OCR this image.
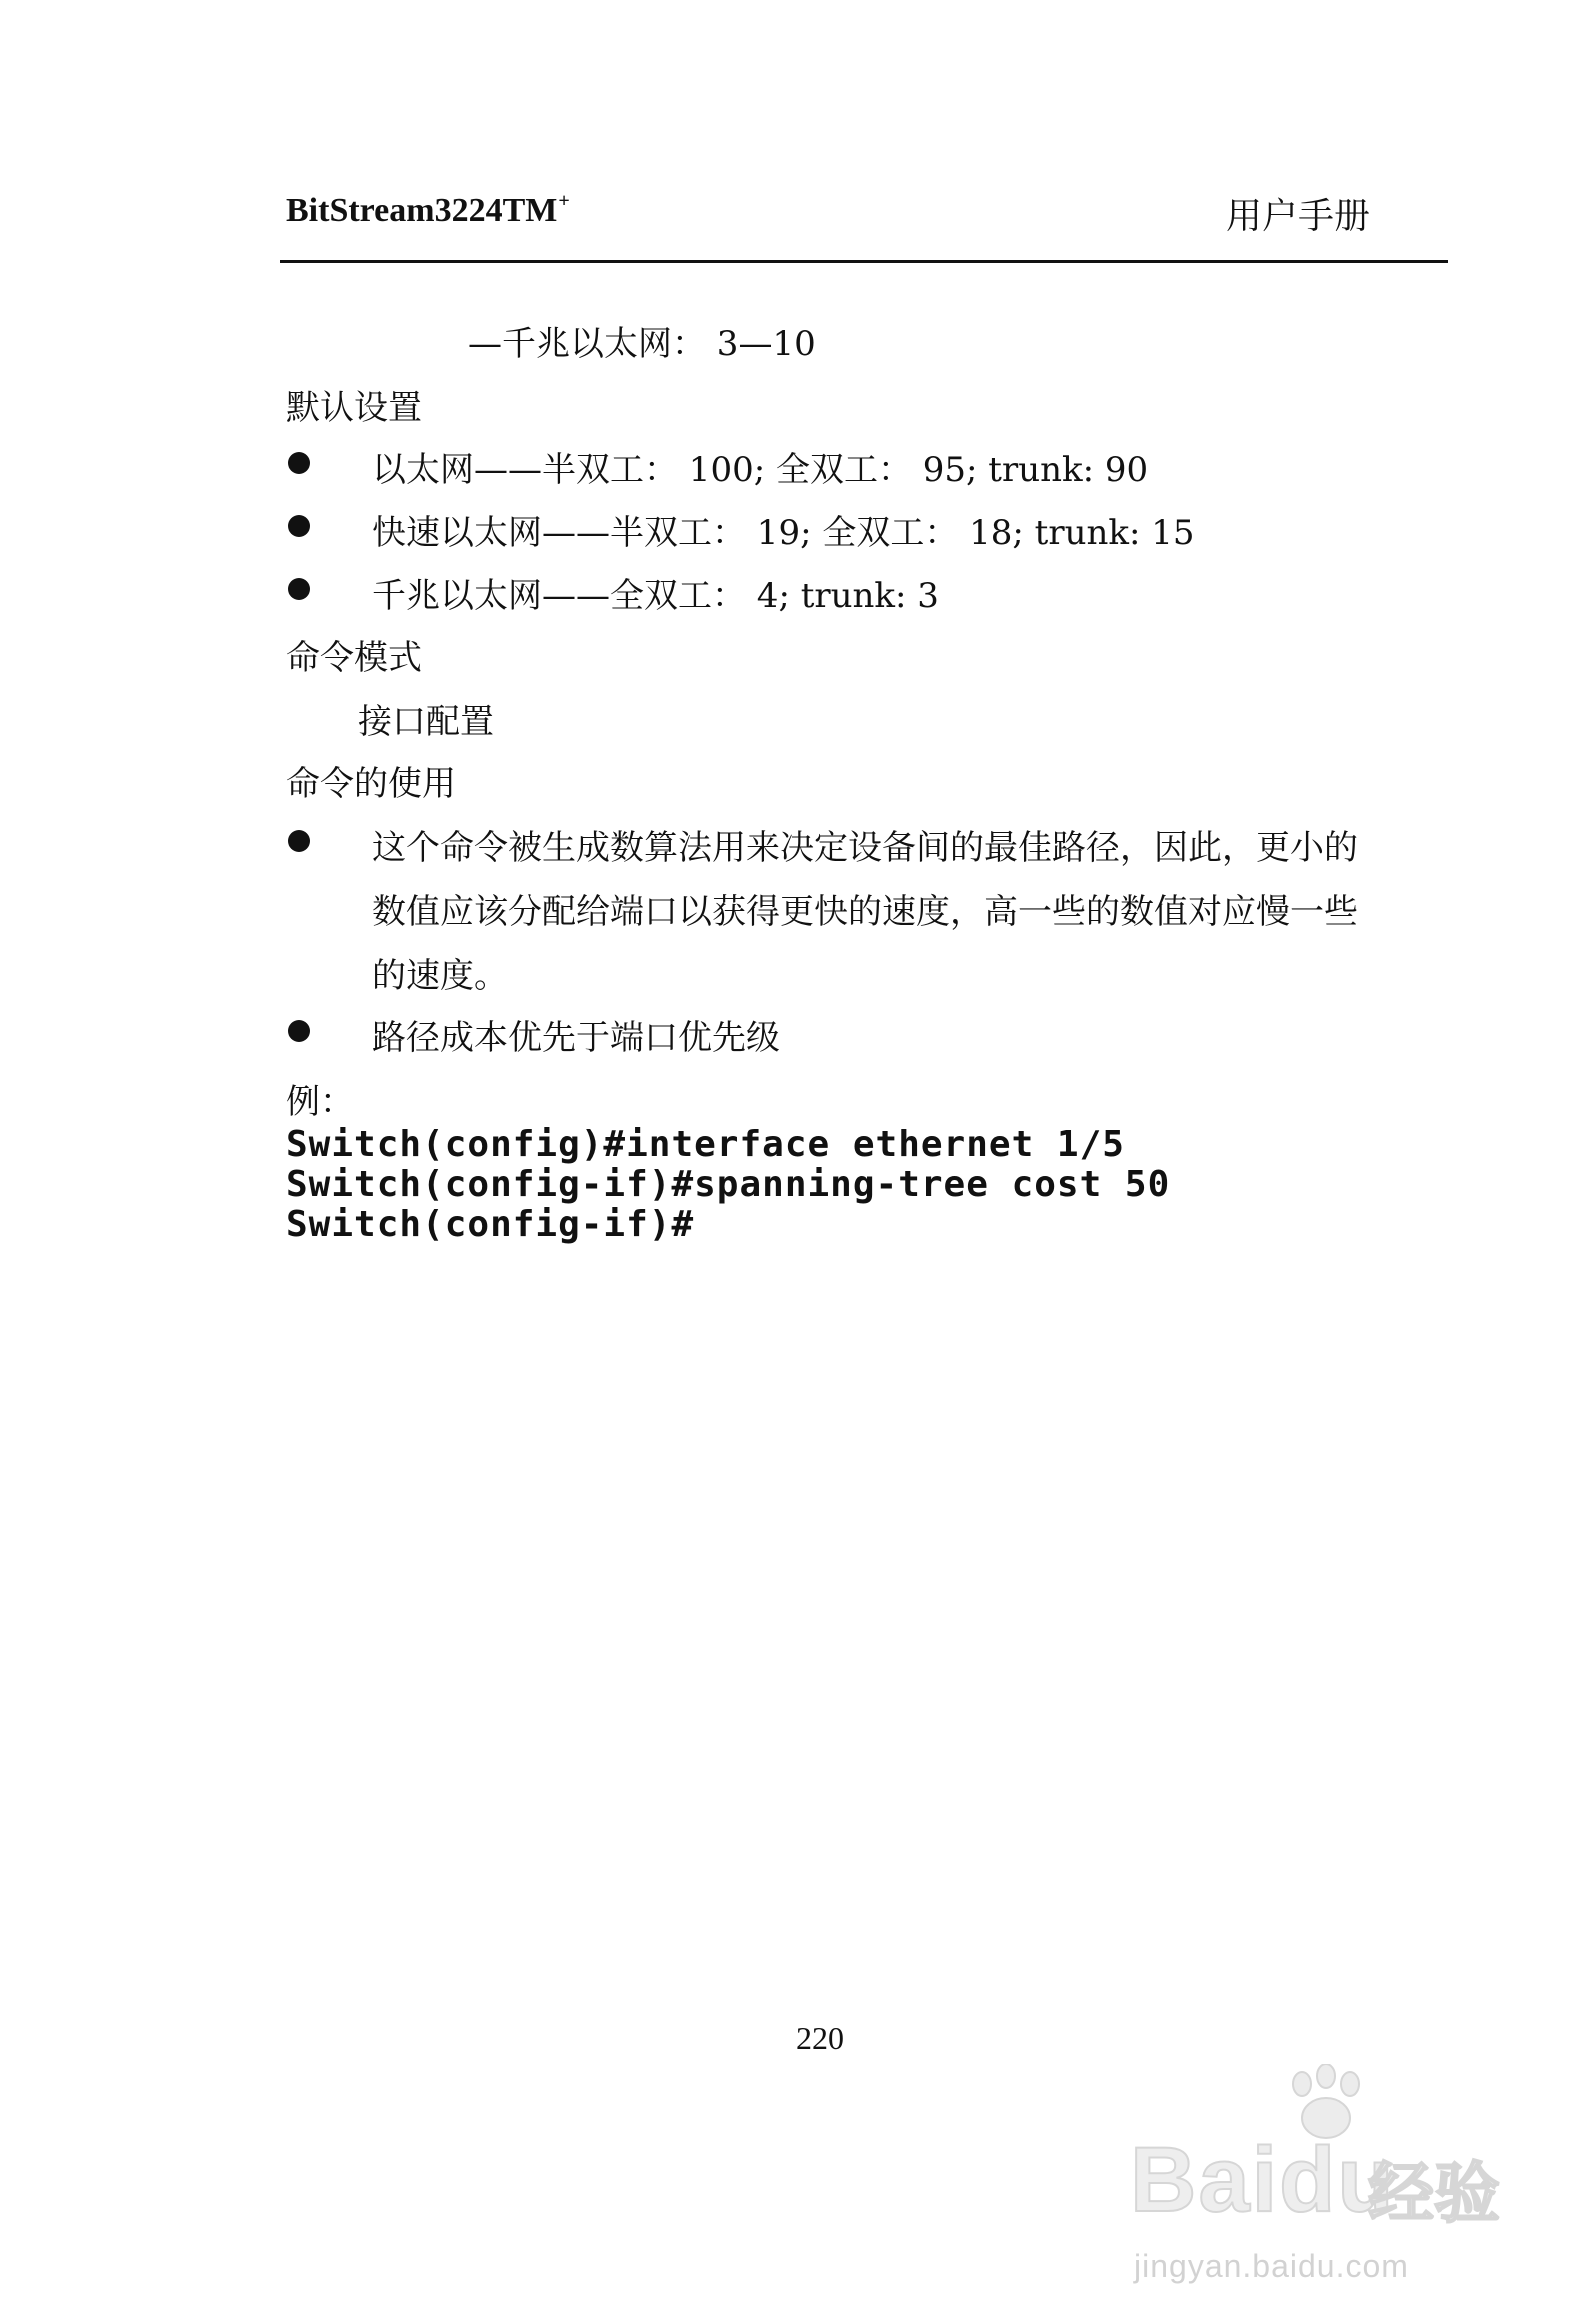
BitStream3224TM+	用户手册
—千兆以太网： 3—10
默认设置
以太网——半双工： 100; 全双工： 95; trunk: 90
快速以太网——半双工： 19; 全双工： 18; trunk: 15
千兆以太网——全双工： 4; trunk: 3
命令模式
接口配置
命令的使用
这个命令被生成数算法用来决定设备间的最佳路径，因此，更小的
数值应该分配给端口以获得更快的速度，高一些的数值对应慢一些
的速度。
路径成本优先于端口优先级
例：
Switch(config)#interface ethernet 1/5
Switch(config-if)#spanning-tree cost 50
Switch(config-if)#
220
Baidu
经验
jingyan.baidu.com
